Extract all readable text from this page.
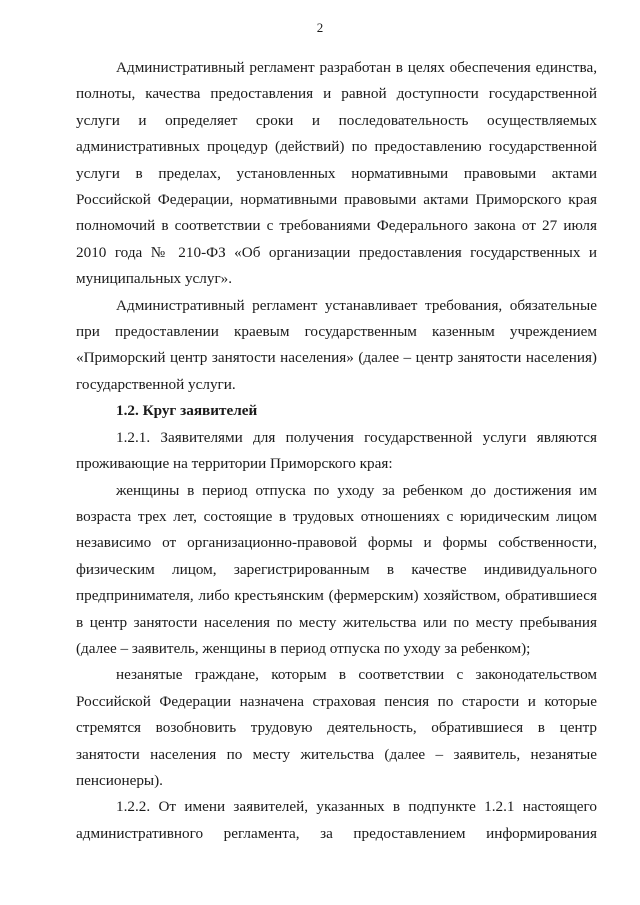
2

Административный регламент разработан в целях обеспечения единства, полноты, качества предоставления и равной доступности государственной услуги и определяет сроки и последовательность осуществляемых административных процедур (действий) по предоставлению государственной услуги в пределах, установленных нормативными правовыми актами Российской Федерации, нормативными правовыми актами Приморского края полномочий в соответствии с требованиями Федерального закона от 27 июля 2010 года № 210-ФЗ «Об организации предоставления государственных и муниципальных услуг».

Административный регламент устанавливает требования, обязательные при предоставлении краевым государственным казенным учреждением «Приморский центр занятости населения» (далее – центр занятости населения) государственной услуги.

1.2. Круг заявителей

1.2.1. Заявителями для получения государственной услуги являются проживающие на территории Приморского края:

женщины в период отпуска по уходу за ребенком до достижения им возраста трех лет, состоящие в трудовых отношениях с юридическим лицом независимо от организационно-правовой формы и формы собственности, физическим лицом, зарегистрированным в качестве индивидуального предпринимателя, либо крестьянским (фермерским) хозяйством, обратившиеся в центр занятости населения по месту жительства или по месту пребывания (далее – заявитель, женщины в период отпуска по уходу за ребенком);

незанятые граждане, которым в соответствии с законодательством Российской Федерации назначена страховая пенсия по старости и которые стремятся возобновить трудовую деятельность, обратившиеся в центр занятости населения по месту жительства (далее – заявитель, незанятые пенсионеры).

1.2.2. От имени заявителей, указанных в подпункте 1.2.1 настоящего административного регламента, за предоставлением информирования
